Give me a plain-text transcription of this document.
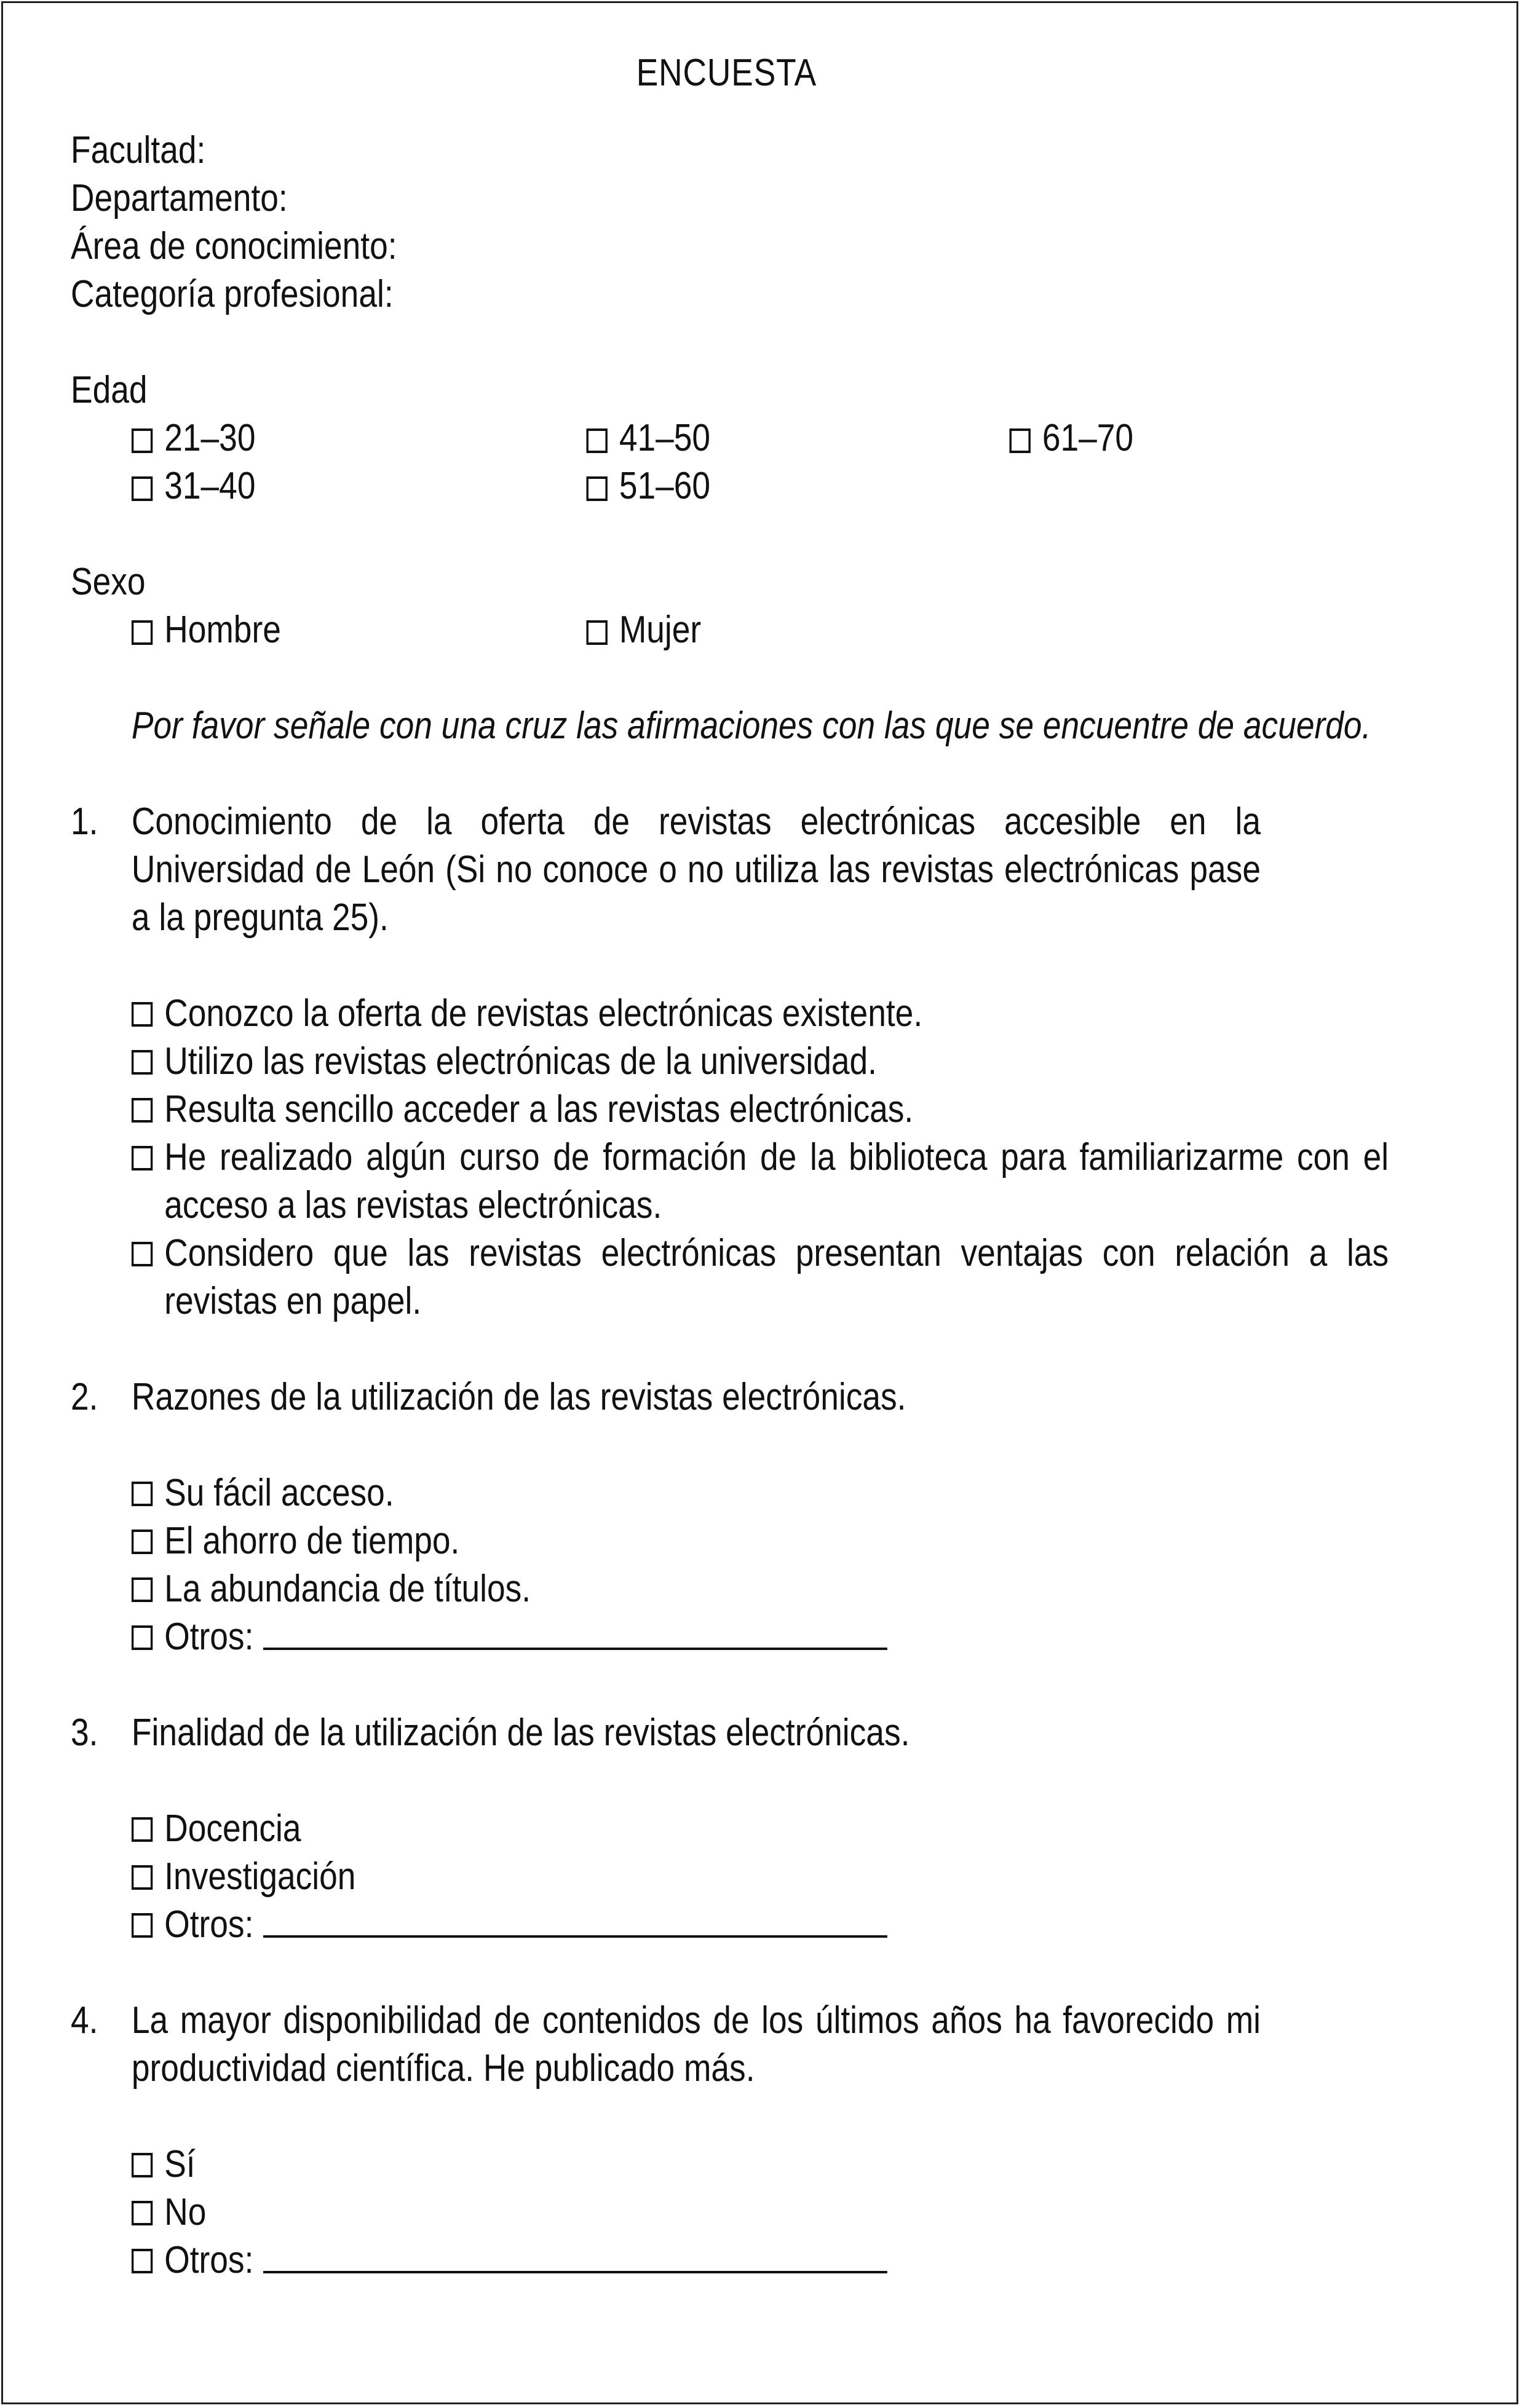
ENCUESTA
Facultad:
Departamento:
Área de conocimiento:
Categoría profesional:
Edad
21–30	41–50	61–70
31–40	51–60
Sexo
Hombre	Mujer
Por favor señale con una cruz las afirmaciones con las que se encuentre de acuerdo.
1. Conocimiento de la oferta de revistas electrónicas accesible en la Universidad de León (Si no conoce o no utiliza las revistas electrónicas pase a la pregunta 25).
Conozco la oferta de revistas electrónicas existente.
Utilizo las revistas electrónicas de la universidad.
Resulta sencillo acceder a las revistas electrónicas.
He realizado algún curso de formación de la biblioteca para familiarizarme con el acceso a las revistas electrónicas.
Considero que las revistas electrónicas presentan ventajas con relación a las revistas en papel.
2. Razones de la utilización de las revistas electrónicas.
Su fácil acceso.
El ahorro de tiempo.
La abundancia de títulos.
Otros:
3. Finalidad de la utilización de las revistas electrónicas.
Docencia
Investigación
Otros:
4. La mayor disponibilidad de contenidos de los últimos años ha favorecido mi productividad científica. He publicado más.
Sí
No
Otros:
